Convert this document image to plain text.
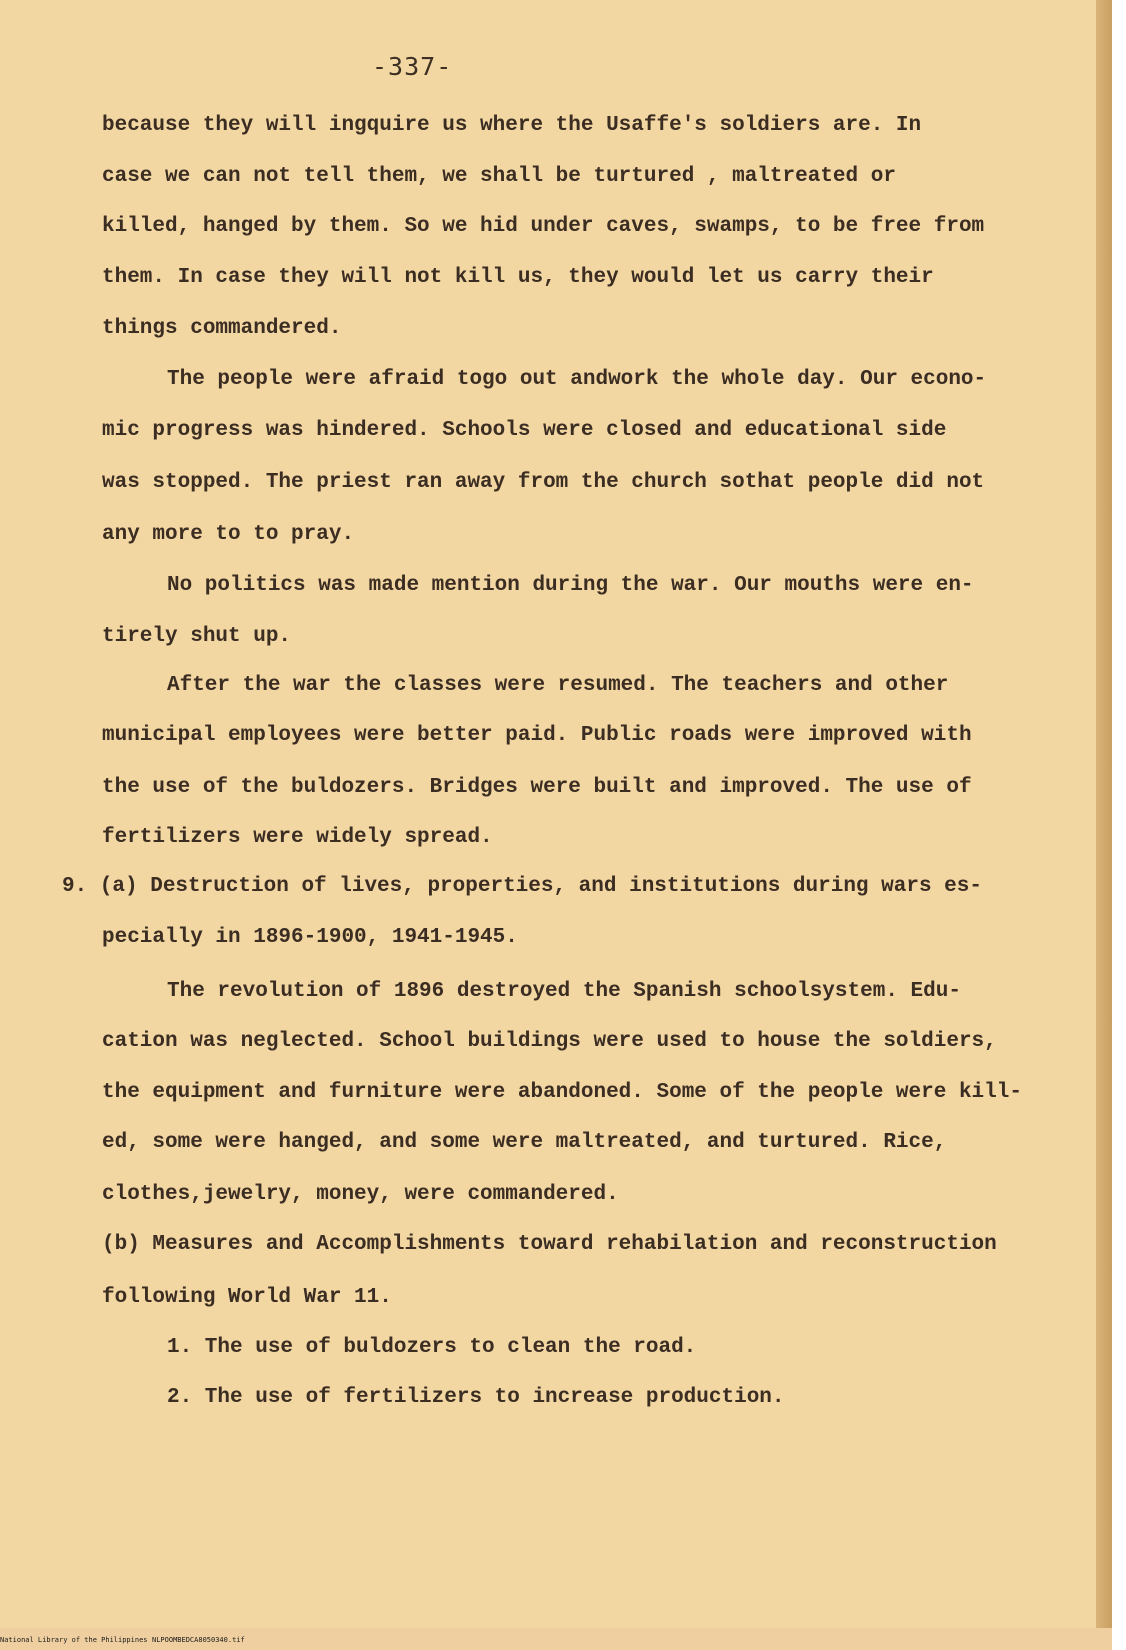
-337-
because they will ingquire us where the Usaffe's soldiers are. In
case we can not tell them, we shall be turtured , maltreated or
killed, hanged by them. So we hid under caves, swamps, to be free from
them. In case they will not kill us, they would let us carry their
things commandered.
The people were afraid togo out andwork the whole day. Our econo-
mic progress was hindered. Schools were closed and educational side
was stopped. The priest ran away from the church sothat people did not
any more to to pray.
No politics was made mention during the war. Our mouths were en-
tirely shut up.
After the war the classes were resumed. The teachers and other
municipal employees were better paid. Public roads were improved with
the use of the buldozers. Bridges were built and improved. The use of
fertilizers were widely spread.
9. (a) Destruction of lives, properties, and institutions during wars es-
pecially in 1896-1900, 1941-1945.
The revolution of 1896 destroyed the Spanish schoolsystem. Edu-
cation was neglected. School buildings were used to house the soldiers,
the equipment and furniture were abandoned. Some of the people were kill-
ed, some were hanged, and some were maltreated, and turtured. Rice,
clothes,jewelry, money, were commandered.
(b) Measures and Accomplishments toward rehabilation and reconstruction
following World War 11.
1. The use of buldozers to clean the road.
2. The use of fertilizers to increase production.
National Library of the Philippines NLPOOMBEDCA8050340.tif
